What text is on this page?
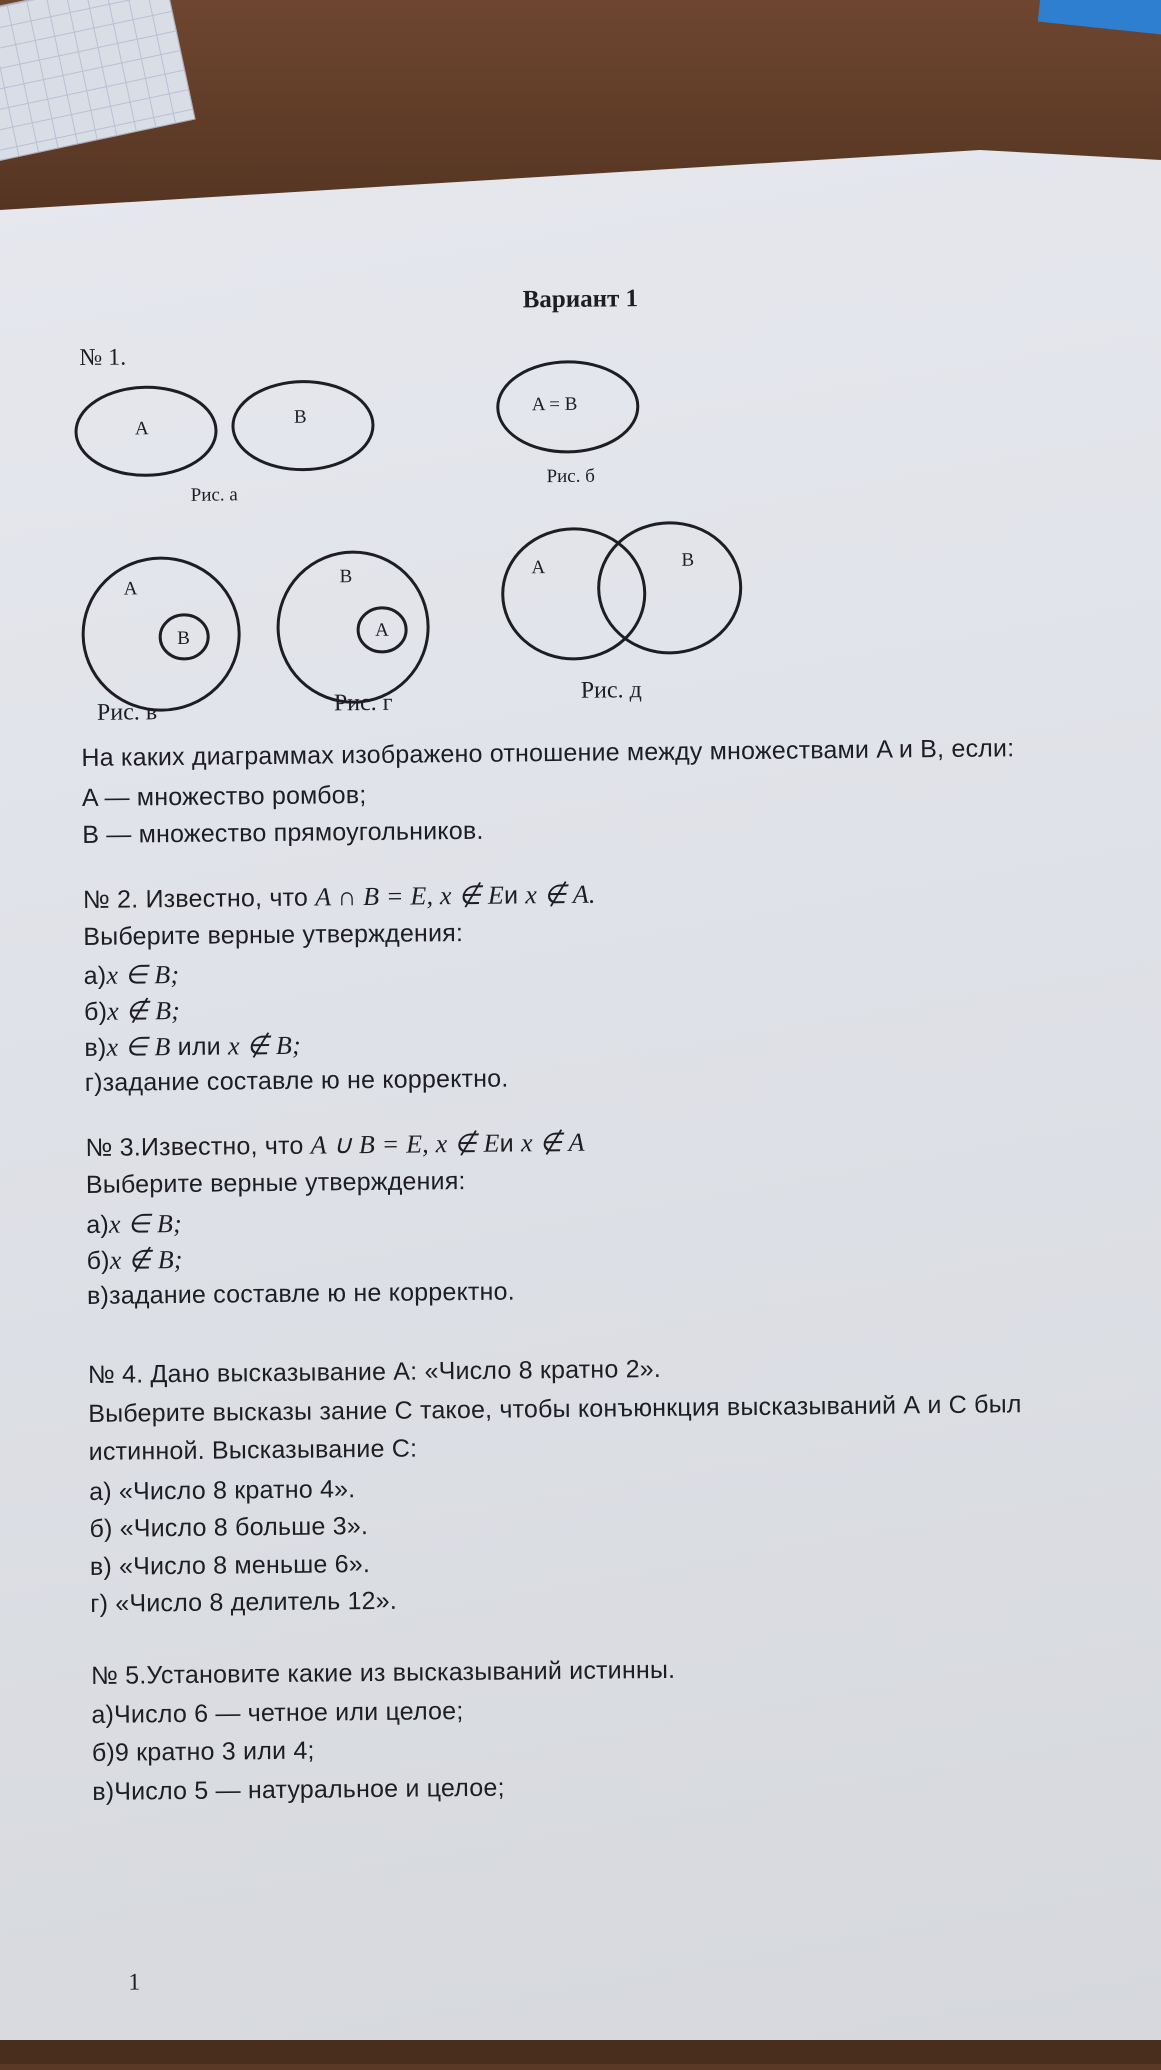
Вариант 1
№ 1.
A
B
A = B
A
B
B
A
A	B
Рис. а
Рис. б
Рис. в	Рис. г	Рис. д
На каких диаграммах изображено отношение между множествами A и B, если:
A — множество ромбов;
B — множество прямоугольников.
№ 2. Известно, что A ∩ B = E, x ∉ Eи x ∉ A.
Выберите верные утверждения:
а)x ∈ B;
б)x ∉ B;
в)x ∈ B или x ∉ B;
г)задание составле ю не корректно.
№ 3.Известно, что A ∪ B = E, x ∉ Eи x ∉ A
Выберите верные утверждения:
а)x ∈ B;
б)x ∉ B;
в)задание составле ю не корректно.
№ 4. Дано высказывание А: «Число 8 кратно 2».
Выберите высказы зание С такое, чтобы конъюнкция высказываний А и С был
истинной. Высказывание С:
а) «Число 8 кратно 4».
б) «Число 8 больше 3».
в) «Число 8 меньше 6».
г) «Число 8 делитель 12».
№ 5.Установите какие из высказываний истинны.
а)Число 6 — четное или целое;
б)9 кратно 3 или 4;
в)Число 5 — натуральное и целое;
1
